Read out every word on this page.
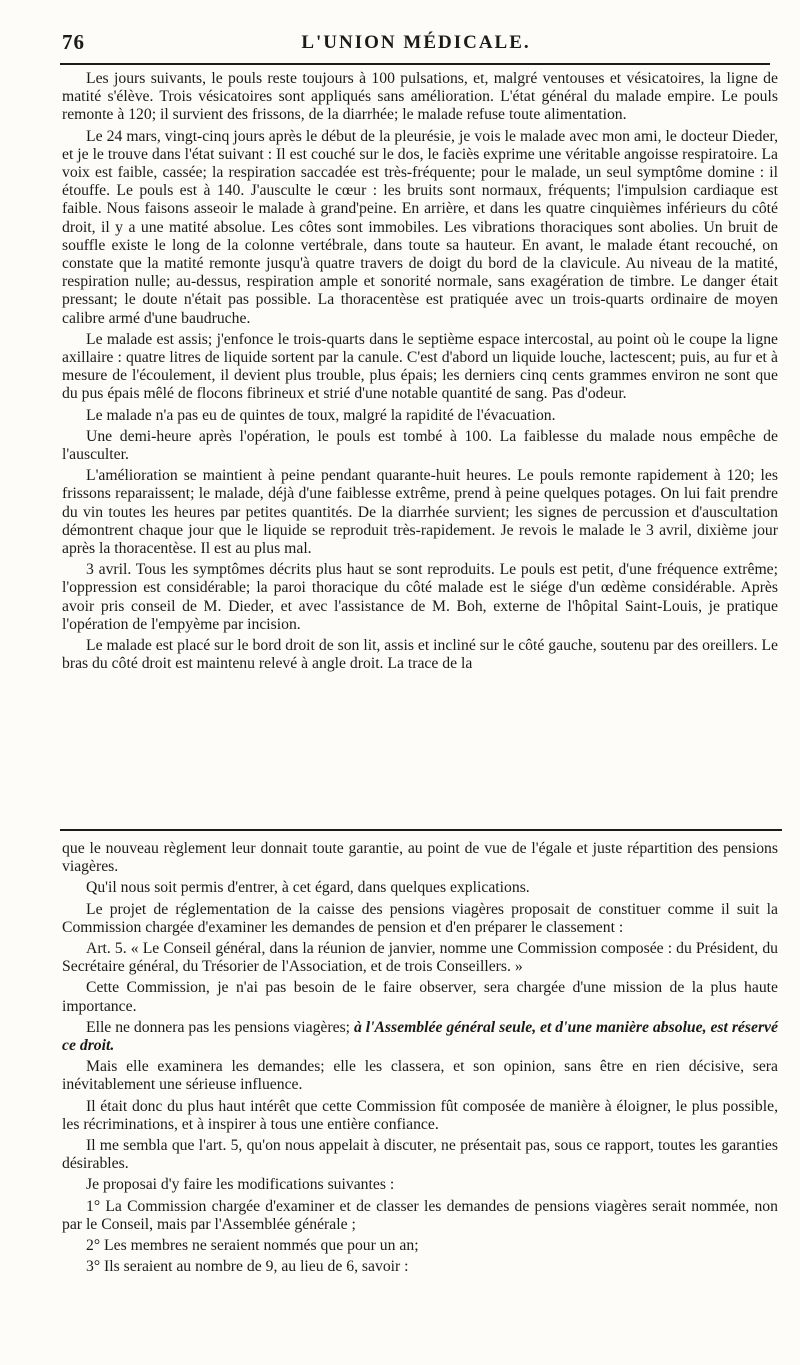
76	L'UNION MÉDICALE.

Les jours suivants, le pouls reste toujours à 100 pulsations, et, malgré ventouses et vésicatoires, la ligne de matité s'élève. Trois vésicatoires sont appliqués sans amélioration. L'état général du malade empire. Le pouls remonte à 120; il survient des frissons, de la diarrhée; le malade refuse toute alimentation.

Le 24 mars, vingt-cinq jours après le début de la pleurésie, je vois le malade avec mon ami, le docteur Dieder, et je le trouve dans l'état suivant : Il est couché sur le dos, le faciès exprime une véritable angoisse respiratoire. La voix est faible, cassée; la respiration saccadée est très-fréquente; pour le malade, un seul symptôme domine : il étouffe. Le pouls est à 140. J'ausculte le cœur : les bruits sont normaux, fréquents; l'impulsion cardiaque est faible. Nous faisons asseoir le malade à grand'peine. En arrière, et dans les quatre cinquièmes inférieurs du côté droit, il y a une matité absolue. Les côtes sont immobiles. Les vibrations thoraciques sont abolies. Un bruit de souffle existe le long de la colonne vertébrale, dans toute sa hauteur. En avant, le malade étant recouché, on constate que la matité remonte jusqu'à quatre travers de doigt du bord de la clavicule. Au niveau de la matité, respiration nulle; au-dessus, respiration ample et sonorité normale, sans exagération de timbre. Le danger était pressant; le doute n'était pas possible. La thoracentèse est pratiquée avec un trois-quarts ordinaire de moyen calibre armé d'une baudruche.

Le malade est assis; j'enfonce le trois-quarts dans le septième espace intercostal, au point où le coupe la ligne axillaire : quatre litres de liquide sortent par la canule. C'est d'abord un liquide louche, lactescent; puis, au fur et à mesure de l'écoulement, il devient plus trouble, plus épais; les derniers cinq cents grammes environ ne sont que du pus épais mêlé de flocons fibrineux et strié d'une notable quantité de sang. Pas d'odeur.

Le malade n'a pas eu de quintes de toux, malgré la rapidité de l'évacuation.

Une demi-heure après l'opération, le pouls est tombé à 100. La faiblesse du malade nous empêche de l'ausculter.

L'amélioration se maintient à peine pendant quarante-huit heures. Le pouls remonte rapidement à 120; les frissons reparaissent; le malade, déjà d'une faiblesse extrême, prend à peine quelques potages. On lui fait prendre du vin toutes les heures par petites quantités. De la diarrhée survient; les signes de percussion et d'auscultation démontrent chaque jour que le liquide se reproduit très-rapidement. Je revois le malade le 3 avril, dixième jour après la thoracentèse. Il est au plus mal.

3 avril. Tous les symptômes décrits plus haut se sont reproduits. Le pouls est petit, d'une fréquence extrême; l'oppression est considérable; la paroi thoracique du côté malade est le siége d'un œdème considérable. Après avoir pris conseil de M. Dieder, et avec l'assistance de M. Boh, externe de l'hôpital Saint-Louis, je pratique l'opération de l'empyème par incision.

Le malade est placé sur le bord droit de son lit, assis et incliné sur le côté gauche, soutenu par des oreillers. Le bras du côté droit est maintenu relevé à angle droit. La trace de la

que le nouveau règlement leur donnait toute garantie, au point de vue de l'égale et juste répartition des pensions viagères.

Qu'il nous soit permis d'entrer, à cet égard, dans quelques explications.

Le projet de réglementation de la caisse des pensions viagères proposait de constituer comme il suit la Commission chargée d'examiner les demandes de pension et d'en préparer le classement :

Art. 5. « Le Conseil général, dans la réunion de janvier, nomme une Commission composée : du Président, du Secrétaire général, du Trésorier de l'Association, et de trois Conseillers. »

Cette Commission, je n'ai pas besoin de le faire observer, sera chargée d'une mission de la plus haute importance.

Elle ne donnera pas les pensions viagères; à l'Assemblée général seule, et d'une manière absolue, est réservé ce droit.

Mais elle examinera les demandes; elle les classera, et son opinion, sans être en rien décisive, sera inévitablement une sérieuse influence.

Il était donc du plus haut intérêt que cette Commission fût composée de manière à éloigner, le plus possible, les récriminations, et à inspirer à tous une entière confiance.

Il me sembla que l'art. 5, qu'on nous appelait à discuter, ne présentait pas, sous ce rapport, toutes les garanties désirables.

Je proposai d'y faire les modifications suivantes :

1° La Commission chargée d'examiner et de classer les demandes de pensions viagères serait nommée, non par le Conseil, mais par l'Assemblée générale ;

2° Les membres ne seraient nommés que pour un an;

3° Ils seraient au nombre de 9, au lieu de 6, savoir :
